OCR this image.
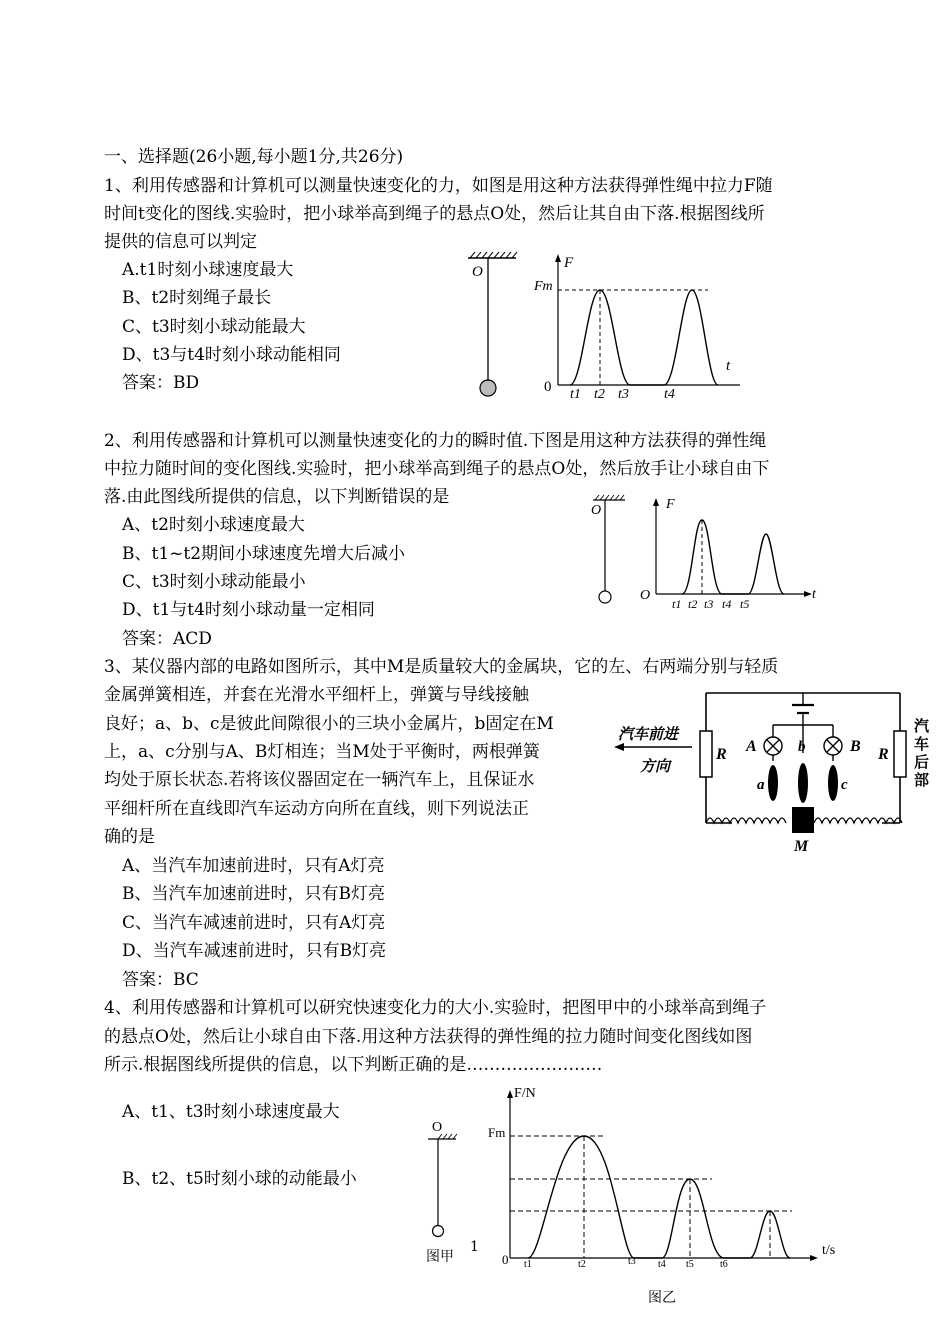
一、选择题(26小题,每小题1分,共26分)
1、利用传感器和计算机可以测量快速变化的力，如图是用这种方法获得弹性绳中拉力F随
时间t变化的图线.实验时，把小球举高到绳子的悬点O处，然后让其自由下落.根据图线所
提供的信息可以判定
A.t1时刻小球速度最大
B、t2时刻绳子最长
C、t3时刻小球动能最大
D、t3与t4时刻小球动能相同
答案：BD
O
F
Fm
0
t
t1 t2 t3	t4
2、利用传感器和计算机可以测量快速变化的力的瞬时值.下图是用这种方法获得的弹性绳
中拉力随时间的变化图线.实验时，把小球举高到绳子的悬点O处，然后放手让小球自由下
落.由此图线所提供的信息，以下判断错误的是
A、t2时刻小球速度最大
B、t1~t2期间小球速度先增大后减小
C、t3时刻小球动能最小
D、t1与t4时刻小球动量一定相同
答案：ACD
O	F
t
O
t1 t2 t3 t4 t5
3、某仪器内部的电路如图所示，其中M是质量较大的金属块，它的左、右两端分别与轻质
金属弹簧相连，并套在光滑水平细杆上，弹簧与导线接触
良好；a、b、c是彼此间隙很小的三块小金属片，b固定在M
上，a、c分别与A、B灯相连；当M处于平衡时，两根弹簧
均处于原长状态.若将该仪器固定在一辆汽车上，且保证水
平细杆所在直线即汽车运动方向所在直线，则下列说法正
确的是
A、当汽车加速前进时，只有A灯亮
B、当汽车加速前进时，只有B灯亮
C、当汽车减速前进时，只有A灯亮
D、当汽车减速前进时，只有B灯亮
答案：BC
R	R
A	B
a
b
c
M
汽车前进
方向
汽
车
后
部
4、利用传感器和计算机可以研究快速变化力的大小.实验时，把图甲中的小球举高到绳子
的悬点O处，然后让小球自由下落.用这种方法获得的弹性绳的拉力随时间变化图线如图
所示.根据图线所提供的信息，以下判断正确的是……………………
A、t1、t3时刻小球速度最大
B、t2、t5时刻小球的动能最小
O
图甲
1
F/N
Fm
0
t/s
t1	t2	t3 t4 t5	t6
图乙
